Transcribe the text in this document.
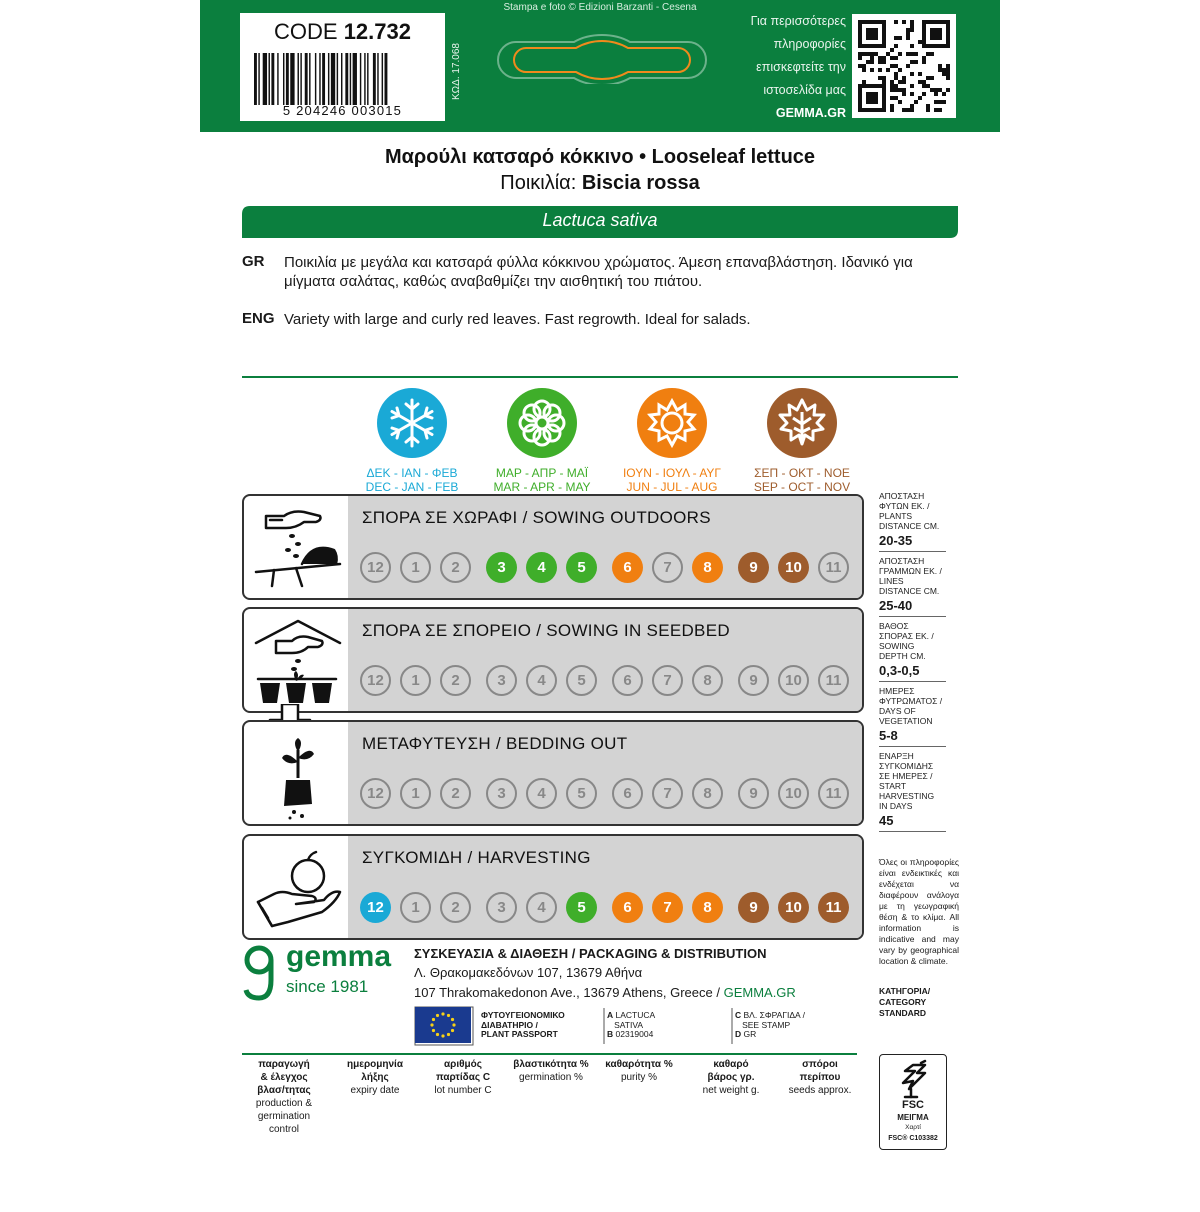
CODE 12.732
5 204246 003015
ΚΩΔ. 17.068
Stampa e foto © Edizioni Barzanti - Cesena
Για περισσότερες
πληροφορίες
επισκεφτείτε την
ιστοσελίδα μας
GEMMA.GR
Μαρούλι κατσαρό κόκκινο • Looseleaf lettuce
Ποικιλία: Biscia rossa
Lactuca sativa
GR Ποικιλία με μεγάλα και κατσαρά φύλλα κόκκινου χρώματος. Άμεση επαναβλάστηση. Ιδανικό για μίγματα σαλάτας, καθώς αναβαθμίζει την αισθητική του πιάτου.
ENG Variety with large and curly red leaves. Fast regrowth. Ideal for salads.
ΔΕΚ - ΙΑΝ - ΦΕΒ
DEC - JAN - FEB
ΜΑΡ - ΑΠΡ - ΜΑΪ
MAR - APR - MAY
ΙΟΥΝ - ΙΟΥΛ - ΑΥΓ
JUN - JUL - AUG
ΣΕΠ - ΟΚΤ - ΝΟΕ
SEP - OCT - NOV
ΣΠΟΡΑ ΣΕ ΧΩΡΑΦΙ / SOWING OUTDOORS
12	1	2	3	4	5	6	7	8	9	10	11
ΣΠΟΡΑ ΣΕ ΣΠΟΡΕΙΟ / SOWING IN SEEDBED
12	1	2	3	4	5	6	7	8	9	10	11
ΜΕΤΑΦΥΤΕΥΣΗ / BEDDING OUT
12	1	2	3	4	5	6	7	8	9	10	11
ΣΥΓΚΟΜΙΔΗ / HARVESTING
12	1	2	3	4	5	6	7	8	9	10	11
ΑΠΟΣΤΑΣΗ
ΦΥΤΩΝ ΕΚ. /
PLANTS
DISTANCE CM.
20-35
ΑΠΟΣΤΑΣΗ
ΓΡΑΜΜΩΝ ΕΚ. /
LINES
DISTANCE CM.
25-40
ΒΑΘΟΣ
ΣΠΟΡΑΣ ΕΚ. /
SOWING
DEPTH CM.
0,3-0,5
ΗΜΕΡΕΣ
ΦΥΤΡΩΜΑΤΟΣ /
DAYS OF
VEGETATION
5-8
ΕΝΑΡΞΗ
ΣΥΓΚΟΜΙΔΗΣ
ΣΕ ΗΜΕΡΕΣ /
START
HARVESTING
IN DAYS
45
Όλες οι πληροφορίες είναι ενδεικτικές και ενδέχεται να διαφέρουν ανάλογα με τη γεωγραφική θέση & το κλίμα. All information is indicative and may vary by geographical location & climate.
ΚΑΤΗΓΟΡΙΑ/
CATEGORY
STANDARD
gemma
since 1981
ΣΥΣΚΕΥΑΣΙΑ & ΔΙΑΘΕΣΗ / PACKAGING & DISTRIBUTION
Λ. Θρακομακεδόνων 107, 13679 Αθήνα
107 Thrakomakedonon Ave., 13679 Athens, Greece / GEMMA.GR
ΦΥΤΟΥΓΕΙΟΝΟΜΙΚΟ
ΔΙΑΒΑΤΗΡΙΟ /
PLANT PASSPORT
A LACTUCA
SATIVA
B 02319004
C ΒΛ. ΣΦΡΑΓΙΔΑ /
SEE STAMP
D GR
παραγωγή
& έλεγχος
βλασ/τητας
production &
germination
control
ημερομηνία
λήξης
expiry date
αριθμός
παρτίδας C
lot number C
βλαστικότητα %
germination %
καθαρότητα %
purity %
καθαρό
βάρος γρ.
net weight g.
σπόροι
περίπου
seeds approx.
FSC
ΜΕΙΓΜΑ
Χαρτί
FSC® C103382
